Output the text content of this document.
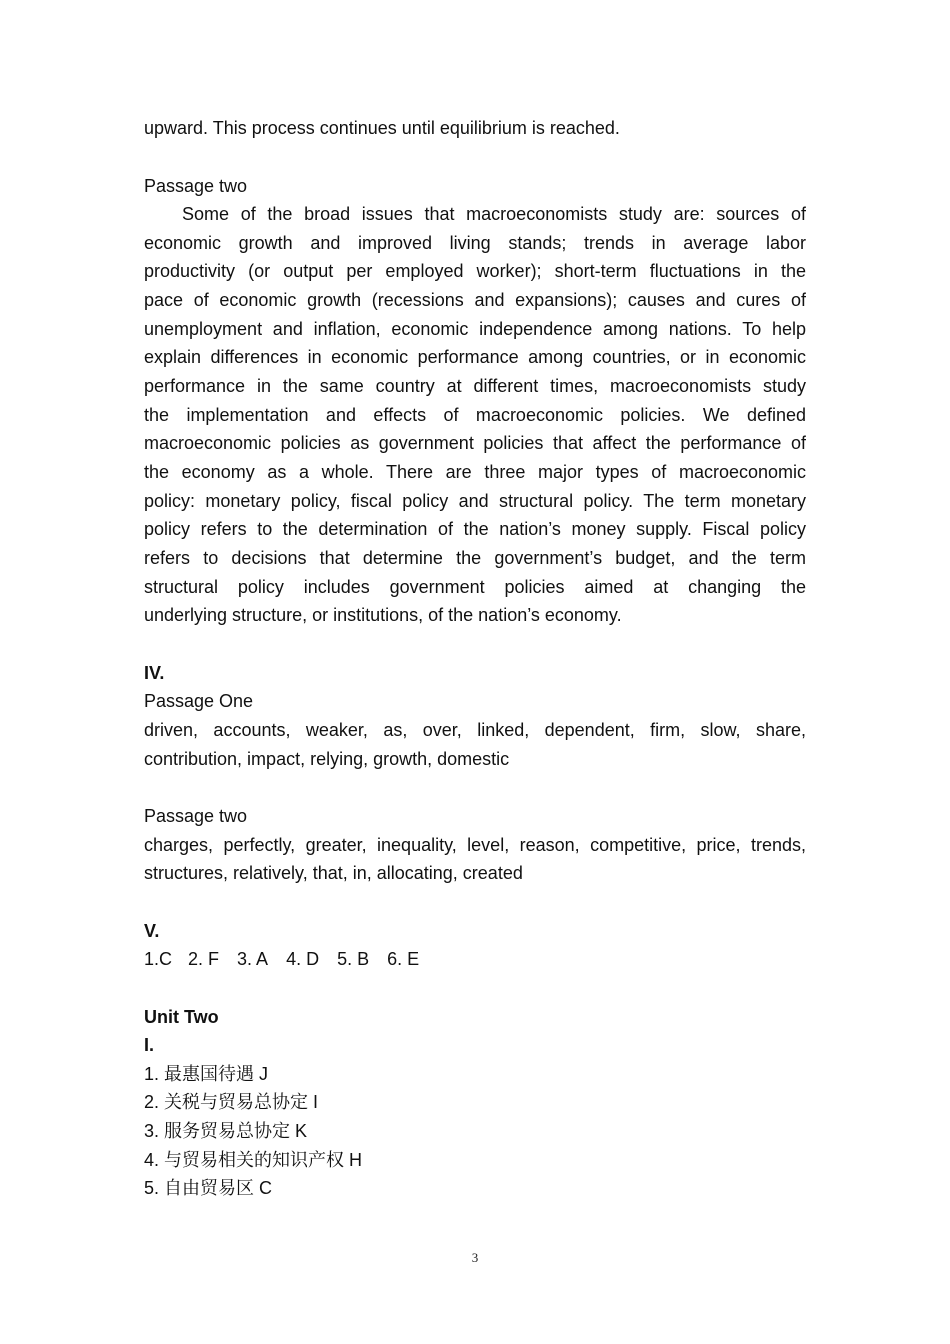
upward. This process continues until equilibrium is reached.
Passage two
Some of the broad issues that macroeconomists study are: sources of
economic growth and improved living stands; trends in average labor
productivity (or output per employed worker); short-term fluctuations in the
pace of economic growth (recessions and expansions); causes and cures of
unemployment and inflation, economic independence among nations. To help
explain differences in economic performance among countries, or in economic
performance in the same country at different times, macroeconomists study
the implementation and effects of macroeconomic policies. We defined
macroeconomic policies as government policies that affect the performance of
the economy as a whole. There are three major types of macroeconomic
policy: monetary policy, fiscal policy and structural policy. The term monetary
policy refers to the determination of the nation’s money supply. Fiscal policy
refers to decisions that determine the government’s budget, and the term
structural policy includes government policies aimed at changing the
underlying structure, or institutions, of the nation’s economy.
IV.
Passage One
driven, accounts, weaker, as, over, linked, dependent, firm, slow, share,
contribution, impact, relying, growth, domestic
Passage two
charges, perfectly, greater, inequality, level, reason, competitive, price, trends,
structures, relatively, that, in, allocating, created
V.
1.C 2. F 3. A 4. D 5. B 6. E
Unit Two
I.
1. 最惠国待遇 J
2. 关税与贸易总协定 I
3. 服务贸易总协定 K
4. 与贸易相关的知识产权 H
5. 自由贸易区 C
3
